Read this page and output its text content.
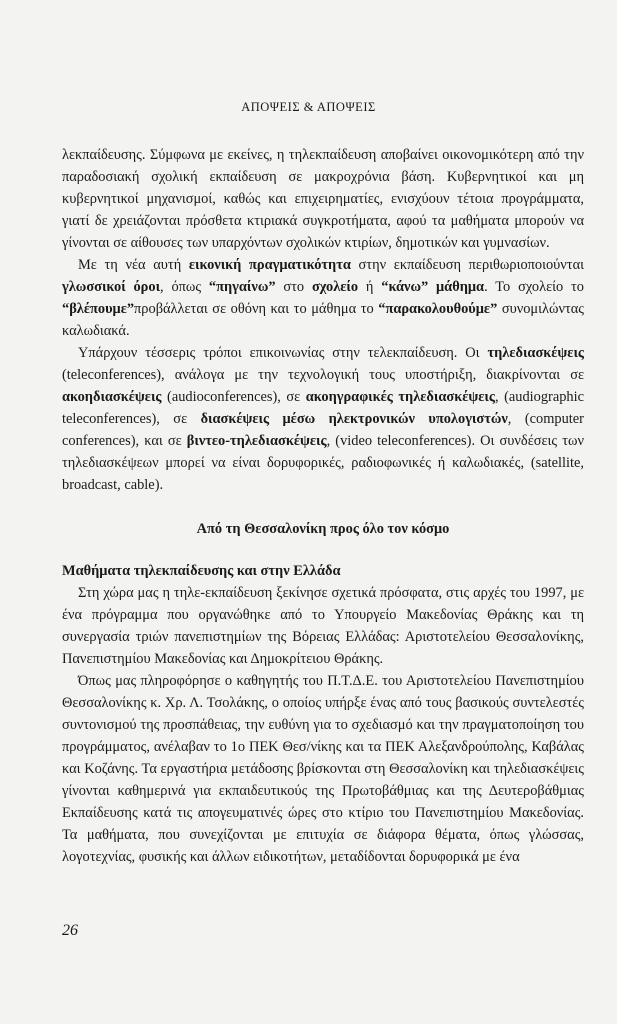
ΑΠΟΨΕΙΣ & ΑΠΟΨΕΙΣ

λεκπαίδευσης. Σύμφωνα με εκείνες, η τηλεκπαίδευση αποβαίνει οικονομικότερη από την παραδοσιακή σχολική εκπαίδευση σε μακροχρόνια βάση. Κυβερνητικοί και μη κυβερνητικοί μηχανισμοί, καθώς και επιχειρηματίες, ενισχύουν τέτοια προγράμματα, γιατί δε χρειάζονται πρόσθετα κτιριακά συγκροτήματα, αφού τα μαθήματα μπορούν να γίνονται σε αίθουσες των υπαρχόντων σχολικών κτιρίων, δημοτικών και γυμνασίων.

Με τη νέα αυτή εικονική πραγματικότητα στην εκπαίδευση περιθωριοποιούνται γλωσσικοί όροι, όπως “πηγαίνω” στο σχολείο ή “κάνω” μάθημα. Το σχολείο το “βλέπουμε”προβάλλεται σε οθόνη και το μάθημα το “παρακολουθούμε” συνομιλώντας καλωδιακά.

Υπάρχουν τέσσερις τρόποι επικοινωνίας στην τελεκπαίδευση. Οι τηλεδιασκέψεις (teleconferences), ανάλογα με την τεχνολογική τους υποστήριξη, διακρίνονται σε ακοηδιασκέψεις (audioconferences), σε ακοηγραφικές τηλεδιασκέψεις, (audiographic teleconferences), σε διασκέψεις μέσω ηλεκτρονικών υπολογιστών, (computer conferences), και σε βιντεο-τηλεδιασκέψεις, (video teleconferences). Οι συνδέσεις των τηλεδιασκέψεων μπορεί να είναι δορυφορικές, ραδιοφωνικές ή καλωδιακές, (satellite, broadcast, cable).

Από τη Θεσσαλονίκη προς όλο τον κόσμο

Μαθήματα τηλεκπαίδευσης και στην Ελλάδα

Στη χώρα μας η τηλε-εκπαίδευση ξεκίνησε σχετικά πρόσφατα, στις αρχές του 1997, με ένα πρόγραμμα που οργανώθηκε από το Υπουργείο Μακεδονίας Θράκης και τη συνεργασία τριών πανεπιστημίων της Βόρειας Ελλάδας: Αριστοτελείου Θεσσαλονίκης, Πανεπιστημίου Μακεδονίας και Δημοκρίτειου Θράκης.

Όπως μας πληροφόρησε ο καθηγητής του Π.Τ.Δ.Ε. του Αριστοτελείου Πανεπιστημίου Θεσσαλονίκης κ. Χρ. Λ. Τσολάκης, ο οποίος υπήρξε ένας από τους βασικούς συντελεστές συντονισμού της προσπάθειας, την ευθύνη για το σχεδιασμό και την πραγματοποίηση του προγράμματος, ανέλαβαν το 1ο ΠΕΚ Θεσ/νίκης και τα ΠΕΚ Αλεξανδρούπολης, Καβάλας και Κοζάνης. Τα εργαστήρια μετάδοσης βρίσκονται στη Θεσσαλονίκη και τηλεδιασκέψεις γίνονται καθημερινά για εκπαιδευτικούς της Πρωτοβάθμιας και της Δευτεροβάθμιας Εκπαίδευσης κατά τις απογευματινές ώρες στο κτίριο του Πανεπιστημίου Μακεδονίας. Τα μαθήματα, που συνεχίζονται με επιτυχία σε διάφορα θέματα, όπως γλώσσας, λογοτεχνίας, φυσικής και άλλων ειδικοτήτων, μεταδίδονται δορυφορικά με ένα

26
